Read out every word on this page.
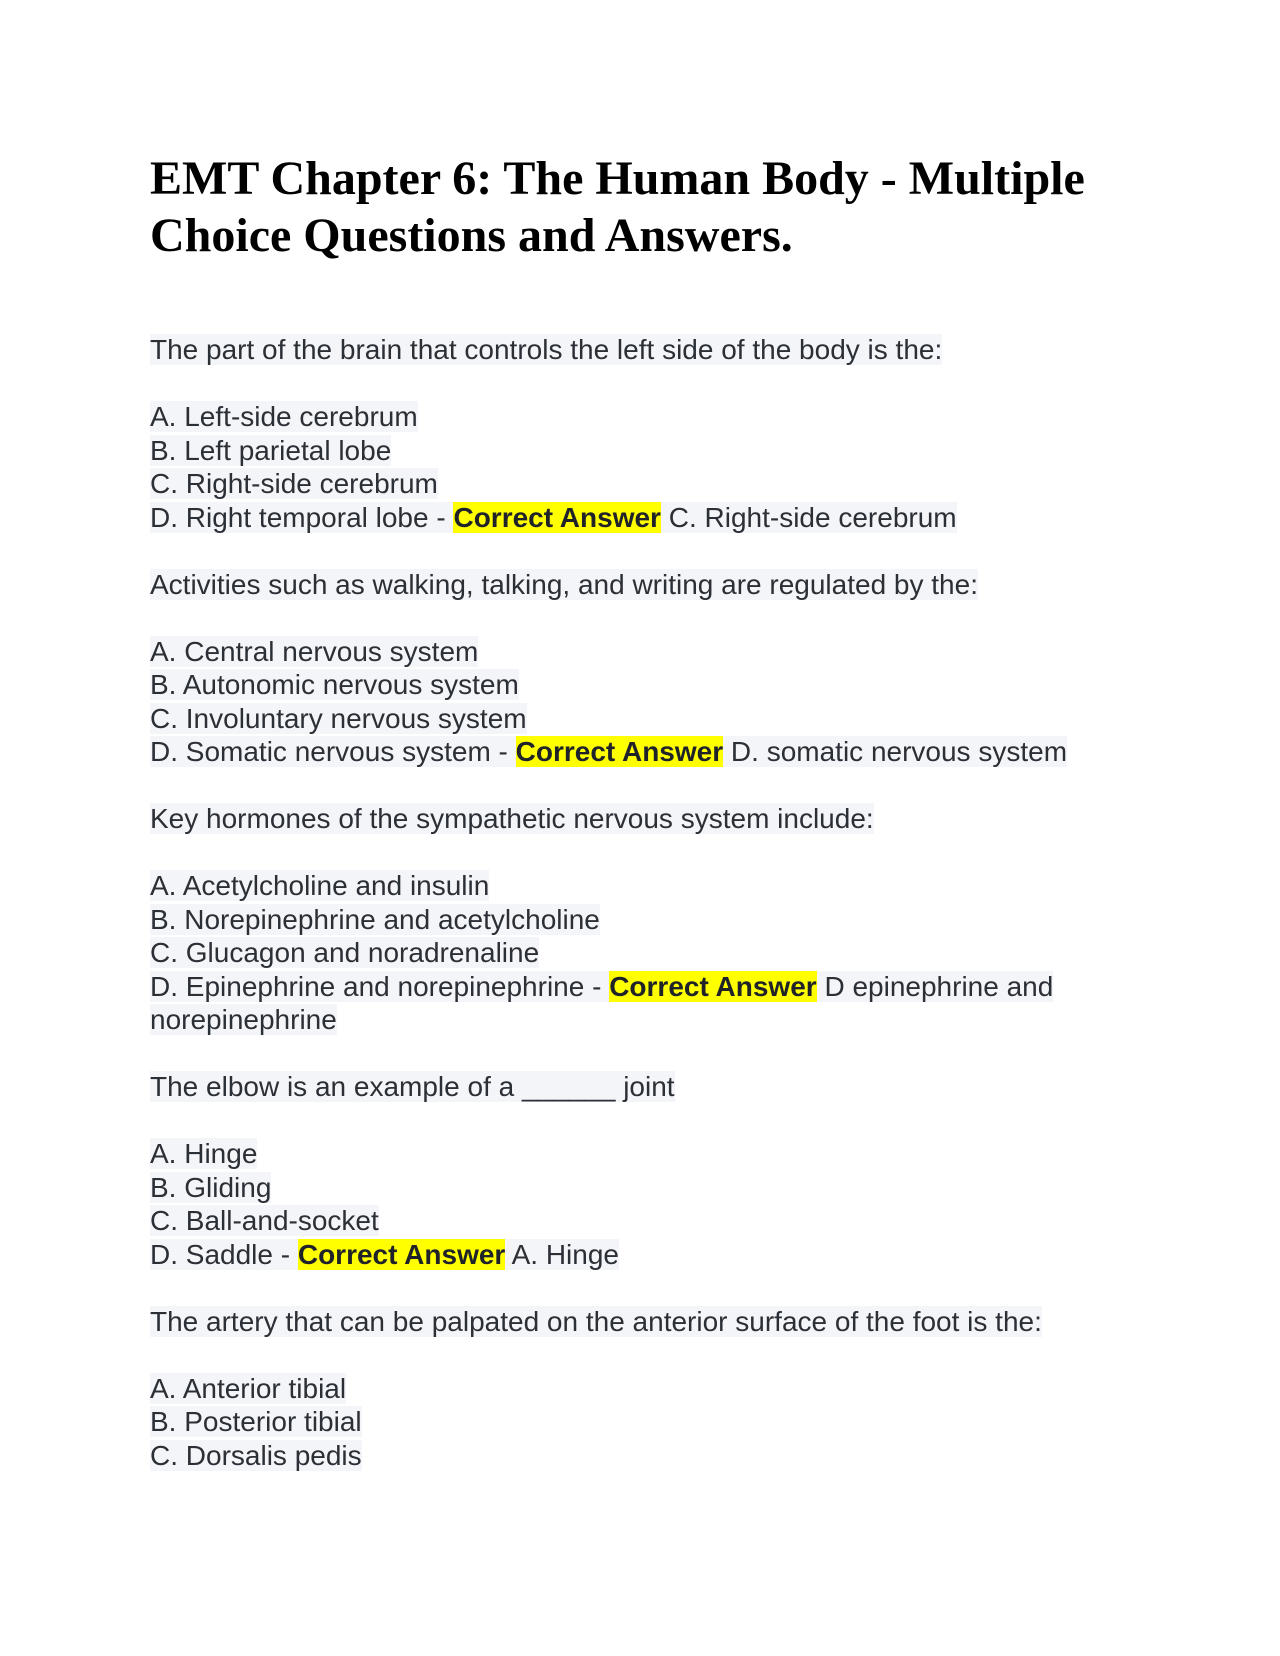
EMT Chapter 6: The Human Body - Multiple Choice Questions and Answers.

The part of the brain that controls the left side of the body is the:

A. Left-side cerebrum

B. Left parietal lobe

C. Right-side cerebrum

D. Right temporal lobe - Correct Answer C. Right-side cerebrum

Activities such as walking, talking, and writing are regulated by the:

A. Central nervous system

B. Autonomic nervous system

C. Involuntary nervous system

D. Somatic nervous system - Correct Answer D. somatic nervous system

Key hormones of the sympathetic nervous system include:

A. Acetylcholine and insulin

B. Norepinephrine and acetylcholine

C. Glucagon and noradrenaline

D. Epinephrine and norepinephrine - Correct Answer D epinephrine and norepinephrine

The elbow is an example of a ______ joint

A. Hinge

B. Gliding

C. Ball-and-socket

D. Saddle - Correct Answer A. Hinge

The artery that can be palpated on the anterior surface of the foot is the:

A. Anterior tibial

B. Posterior tibial

C. Dorsalis pedis
